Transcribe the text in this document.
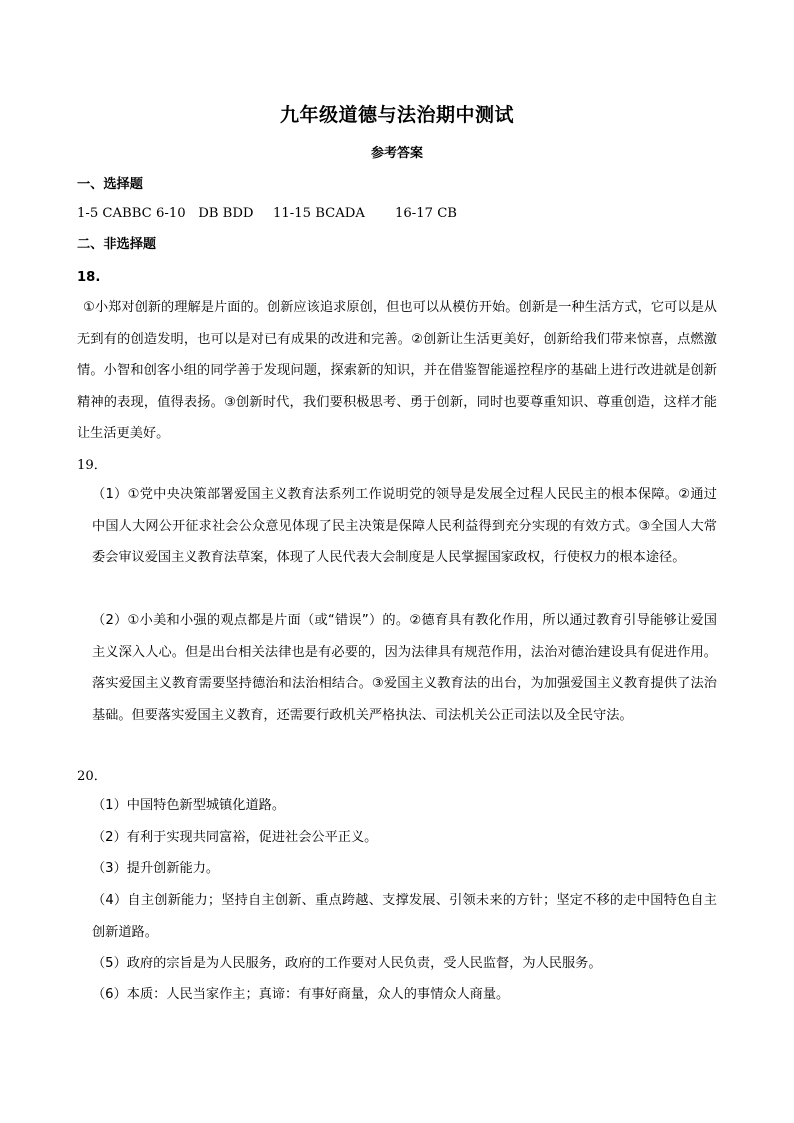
九年级道德与法治期中测试
参考答案
一、选择题
1-5 CABBC 6-10   DB BDD 11-15 BCADA 16-17 CB
二、非选择题
18.
①小郑对创新的理解是片面的。创新应该追求原创，但也可以从模仿开始。创新是一种生活方式，它可以是从无到有的创造发明，也可以是对已有成果的改进和完善。②创新让生活更美好，创新给我们带来惊喜，点燃激情。小智和创客小组的同学善于发现问题，探索新的知识，并在借鉴智能遥控程序的基础上进行改进就是创新精神的表现，值得表扬。③创新时代，我们要积极思考、勇于创新，同时也要尊重知识、尊重创造，这样才能让生活更美好。
19．
（1）①党中央决策部署爱国主义教育法系列工作说明党的领导是发展全过程人民民主的根本保障。②通过中国人大网公开征求社会公众意见体现了民主决策是保障人民利益得到充分实现的有效方式。③全国人大常委会审议爱国主义教育法草案，体现了人民代表大会制度是人民掌握国家政权，行使权力的根本途径。
（2）①小美和小强的观点都是片面（或“错误”）的。②德育具有教化作用，所以通过教育引导能够让爱国主义深入人心。但是出台相关法律也是有必要的，因为法律具有规范作用，法治对德治建设具有促进作用。落实爱国主义教育需要坚持德治和法治相结合。③爱国主义教育法的出台，为加强爱国主义教育提供了法治基础。但要落实爱国主义教育，还需要行政机关严格执法、司法机关公正司法以及全民守法。
20．
（1）中国特色新型城镇化道路。
（2）有利于实现共同富裕，促进社会公平正义。
（3）提升创新能力。
（4）自主创新能力；坚持自主创新、重点跨越、支撑发展、引领未来的方针；坚定不移的走中国特色自主创新道路。
（5）政府的宗旨是为人民服务，政府的工作要对人民负责，受人民监督，为人民服务。
（6）本质：人民当家作主；真谛：有事好商量，众人的事情众人商量。
